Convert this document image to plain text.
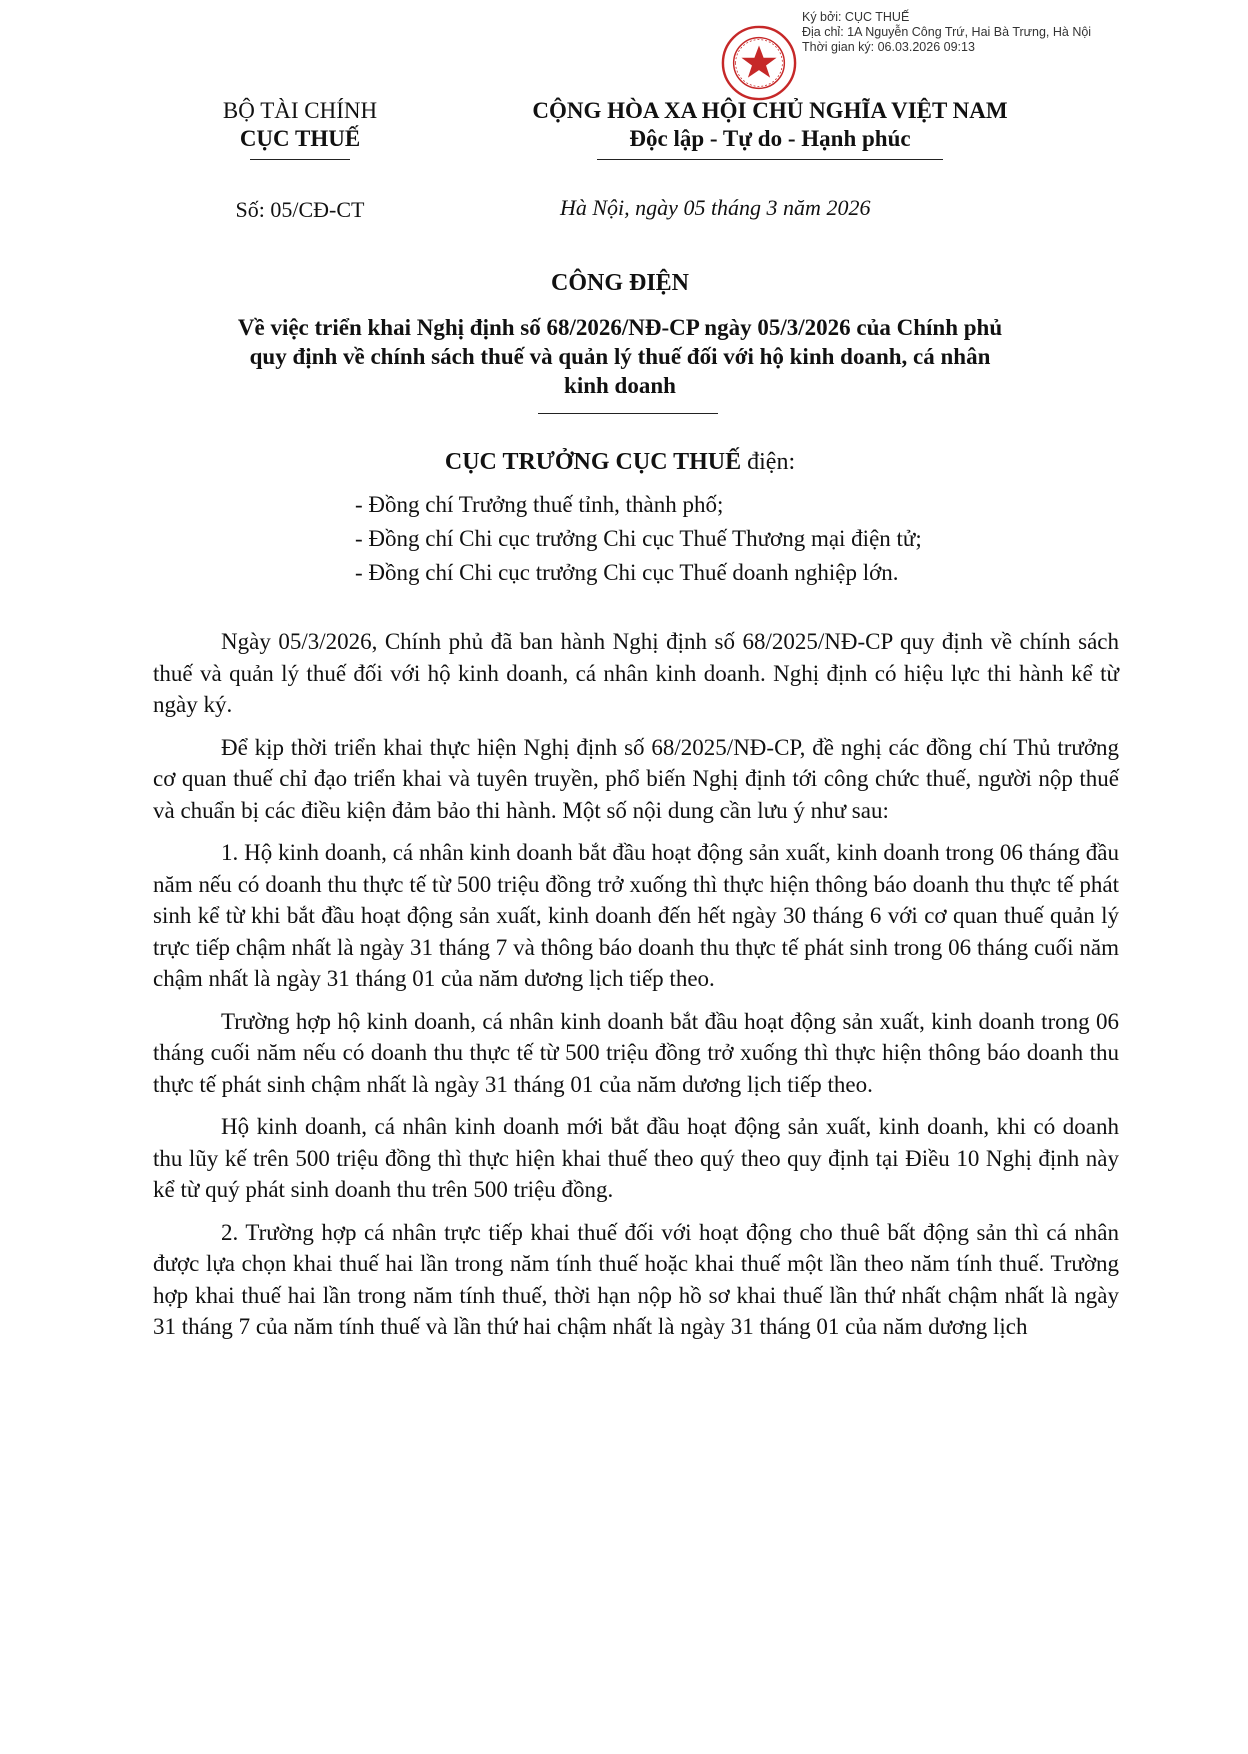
Ký bởi: CỤC THUẾ
Địa chỉ: 1A Nguyễn Công Trứ, Hai Bà Trưng, Hà Nội
Thời gian ký: 06.03.2026 09:13
BỘ TÀI CHÍNH
CỤC THUẾ
CỘNG HÒA XA HỘI CHỦ NGHĨA VIỆT NAM
Độc lập - Tự do - Hạnh phúc
Số: 05/CĐ-CT	Hà Nội, ngày 05 tháng 3 năm 2026
CÔNG ĐIỆN
Về việc triển khai Nghị định số 68/2026/NĐ-CP ngày 05/3/2026 của Chính phủ
quy định về chính sách thuế và quản lý thuế đối với hộ kinh doanh, cá nhân
kinh doanh
CỤC TRƯỞNG CỤC THUẾ điện:
- Đồng chí Trưởng thuế tỉnh, thành phố;
- Đồng chí Chi cục trưởng Chi cục Thuế Thương mại điện tử;
- Đồng chí Chi cục trưởng Chi cục Thuế doanh nghiệp lớn.

Ngày 05/3/2026, Chính phủ đã ban hành Nghị định số 68/2025/NĐ-CP quy định về chính sách thuế và quản lý thuế đối với hộ kinh doanh, cá nhân kinh doanh. Nghị định có hiệu lực thi hành kể từ ngày ký.

Để kịp thời triển khai thực hiện Nghị định số 68/2025/NĐ-CP, đề nghị các đồng chí Thủ trưởng cơ quan thuế chỉ đạo triển khai và tuyên truyền, phổ biến Nghị định tới công chức thuế, người nộp thuế và chuẩn bị các điều kiện đảm bảo thi hành. Một số nội dung cần lưu ý như sau:

1. Hộ kinh doanh, cá nhân kinh doanh bắt đầu hoạt động sản xuất, kinh doanh trong 06 tháng đầu năm nếu có doanh thu thực tế từ 500 triệu đồng trở xuống thì thực hiện thông báo doanh thu thực tế phát sinh kể từ khi bắt đầu hoạt động sản xuất, kinh doanh đến hết ngày 30 tháng 6 với cơ quan thuế quản lý trực tiếp chậm nhất là ngày 31 tháng 7 và thông báo doanh thu thực tế phát sinh trong 06 tháng cuối năm chậm nhất là ngày 31 tháng 01 của năm dương lịch tiếp theo.

Trường hợp hộ kinh doanh, cá nhân kinh doanh bắt đầu hoạt động sản xuất, kinh doanh trong 06 tháng cuối năm nếu có doanh thu thực tế từ 500 triệu đồng trở xuống thì thực hiện thông báo doanh thu thực tế phát sinh chậm nhất là ngày 31 tháng 01 của năm dương lịch tiếp theo.

Hộ kinh doanh, cá nhân kinh doanh mới bắt đầu hoạt động sản xuất, kinh doanh, khi có doanh thu lũy kế trên 500 triệu đồng thì thực hiện khai thuế theo quý theo quy định tại Điều 10 Nghị định này kể từ quý phát sinh doanh thu trên 500 triệu đồng.

2. Trường hợp cá nhân trực tiếp khai thuế đối với hoạt động cho thuê bất động sản thì cá nhân được lựa chọn khai thuế hai lần trong năm tính thuế hoặc khai thuế một lần theo năm tính thuế. Trường hợp khai thuế hai lần trong năm tính thuế, thời hạn nộp hồ sơ khai thuế lần thứ nhất chậm nhất là ngày 31 tháng 7 của năm tính thuế và lần thứ hai chậm nhất là ngày 31 tháng 01 của năm dương lịch
